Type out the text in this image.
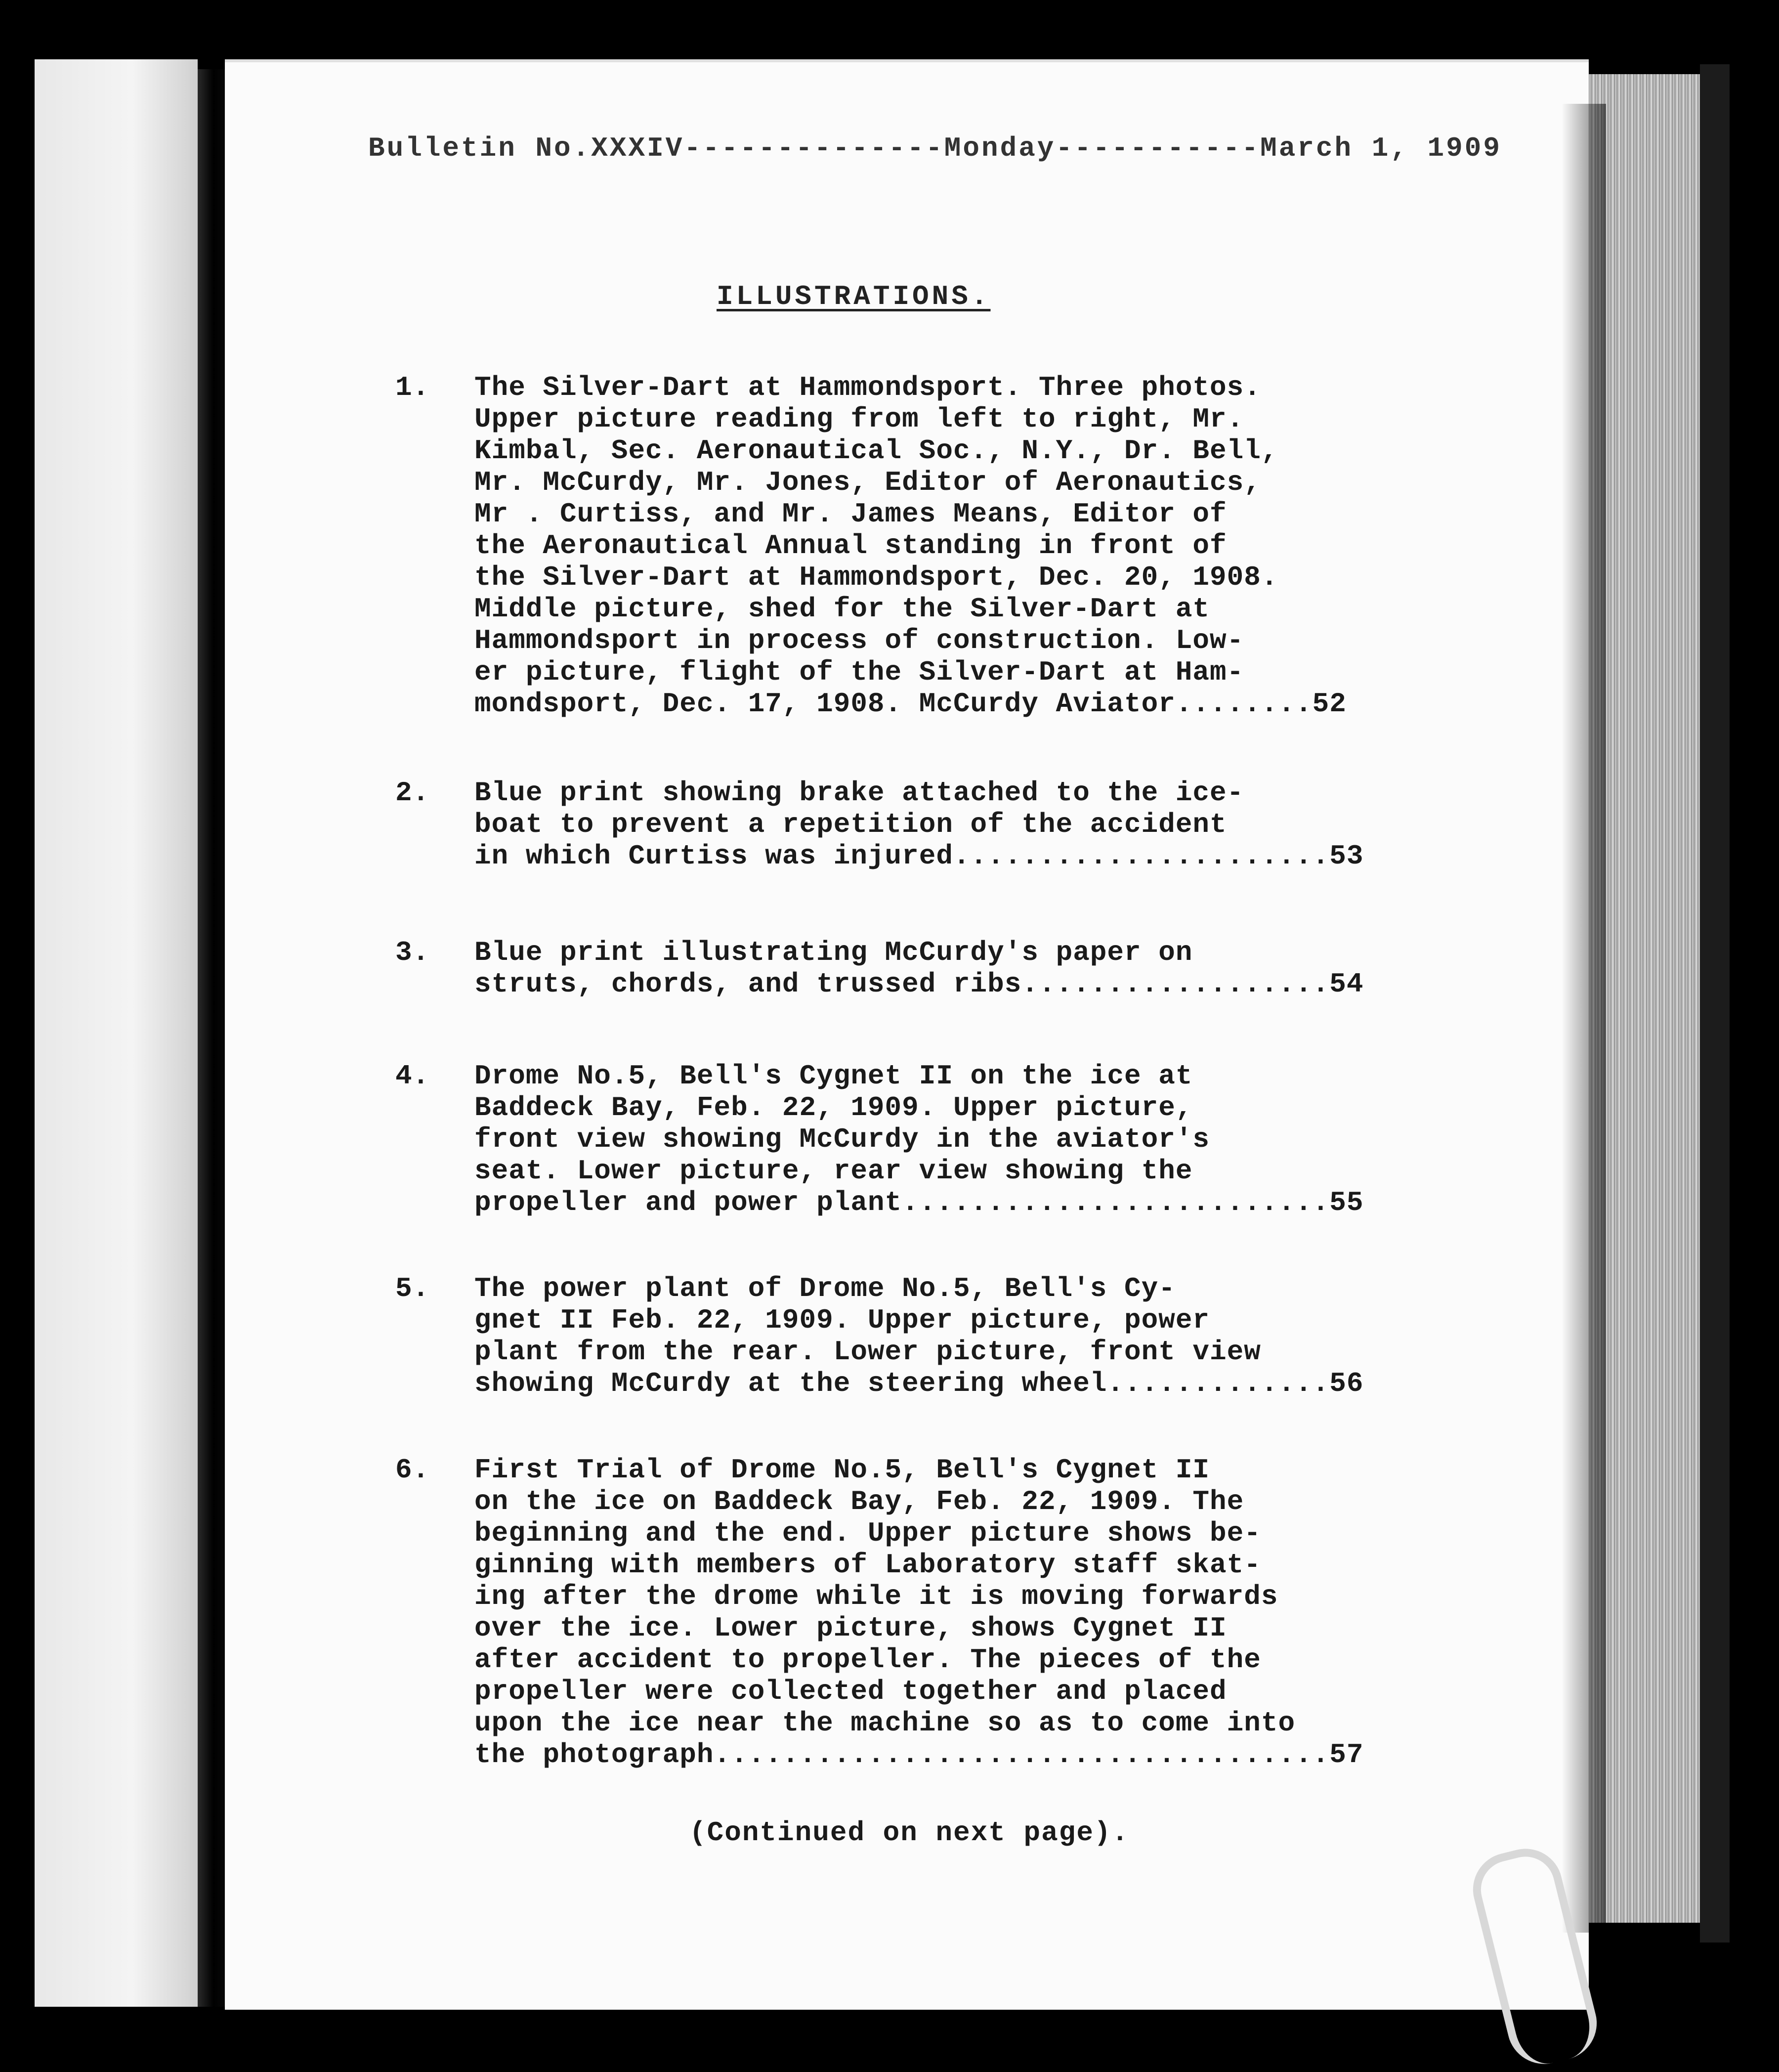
Bulletin No.XXXIV--------------Monday-----------March 1, 1909
ILLUSTRATIONS.
1.	The Silver-Dart at Hammondsport. Three photos.
Upper picture reading from left to right, Mr.
Kimbal, Sec. Aeronautical Soc., N.Y., Dr. Bell,
Mr. McCurdy, Mr. Jones, Editor of Aeronautics,
Mr . Curtiss, and Mr. James Means, Editor of
the Aeronautical Annual standing in front of
the Silver-Dart at Hammondsport, Dec. 20, 1908.
Middle picture, shed for the Silver-Dart at
Hammondsport in process of construction. Low-
er picture, flight of the Silver-Dart at Ham-
mondsport, Dec. 17, 1908. McCurdy Aviator........52
2.	Blue print showing brake attached to the ice-
boat to prevent a repetition of the accident
in which Curtiss was injured......................53
3.	Blue print illustrating McCurdy's paper on
struts, chords, and trussed ribs..................54
4.	Drome No.5, Bell's Cygnet II on the ice at
Baddeck Bay, Feb. 22, 1909. Upper picture,
front view showing McCurdy in the aviator's
seat. Lower picture, rear view showing the
propeller and power plant.........................55
5.	The power plant of Drome No.5, Bell's Cy-
gnet II Feb. 22, 1909. Upper picture, power
plant from the rear. Lower picture, front view
showing McCurdy at the steering wheel.............56
6.	First Trial of Drome No.5, Bell's Cygnet II
on the ice on Baddeck Bay, Feb. 22, 1909. The
beginning and the end. Upper picture shows be-
ginning with members of Laboratory staff skat-
ing after the drome while it is moving forwards
over the ice. Lower picture, shows Cygnet II
after accident to propeller. The pieces of the
propeller were collected together and placed
upon the ice near the machine so as to come into
the photograph....................................57
(Continued on next page).
